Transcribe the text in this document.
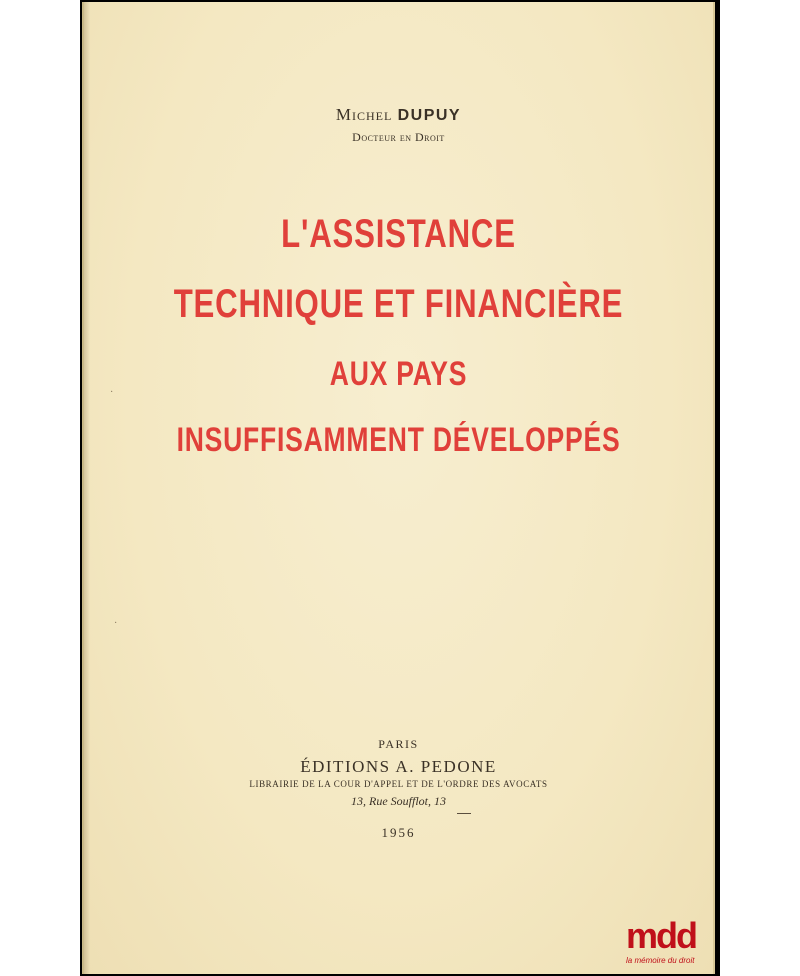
Michel DUPUY
Docteur en Droit
L'ASSISTANCE
TECHNIQUE ET FINANCIÈRE
AUX PAYS
INSUFFISAMMENT DÉVELOPPÉS
·
·
PARIS
ÉDITIONS A. PEDONE
LIBRAIRIE DE LA COUR D'APPEL ET DE L'ORDRE DES AVOCATS
13, Rue Soufflot, 13
1956
mdd
la mémoire du droit
